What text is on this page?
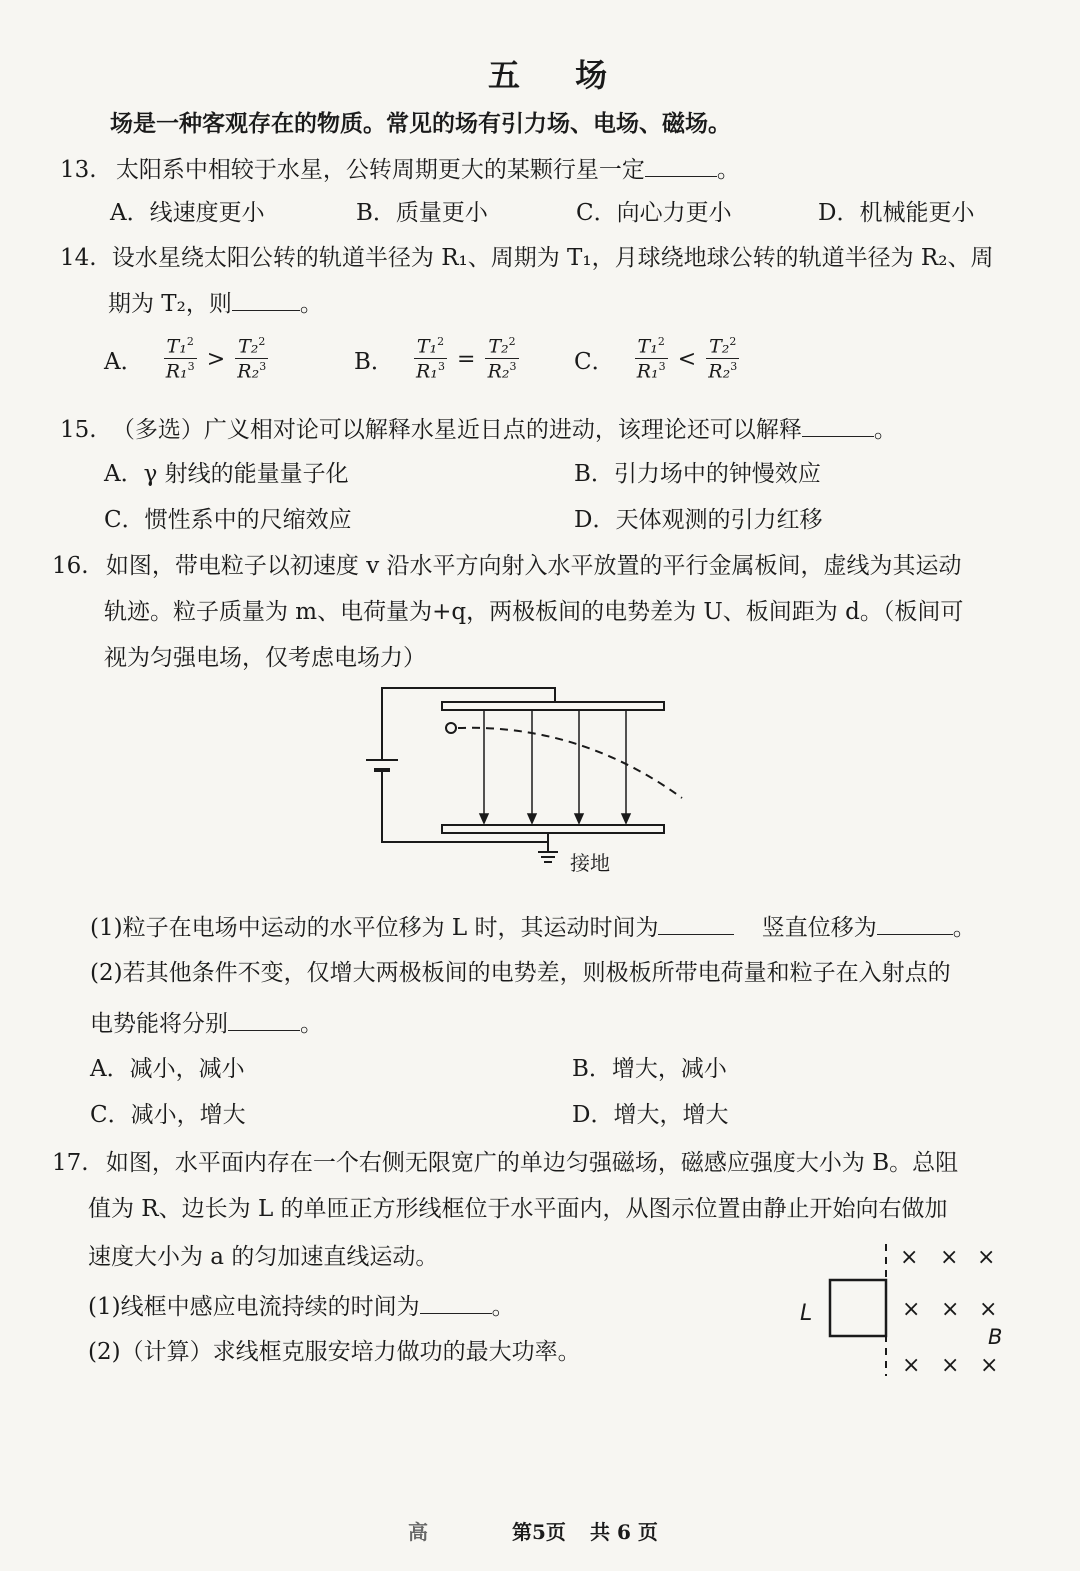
五 场
场是一种客观存在的物质。常见的场有引力场、电场、磁场。
13. 太阳系中相较于水星，公转周期更大的某颗行星一定	。
A．线速度更小	B．质量更小	C．向心力更小	D．机械能更小
14. 设水星绕太阳公转的轨道半径为 R₁、周期为 T₁，月球绕地球公转的轨道半径为 R₂、周
期为 T₂，则	。
A． $\frac{T_1^2}{R_1^3} > \frac{T_2^2}{R_2^3}$	B． $\frac{T_1^2}{R_1^3} = \frac{T_2^2}{R_2^3}$ C． $\frac{T_1^2}{R_1^3} < \frac{T_2^2}{R_2^3}$
15. （多选）广义相对论可以解释水星近日点的进动，该理论还可以解释	。
A．γ 射线的能量量子化	B．引力场中的钟慢效应
C．惯性系中的尺缩效应	D．天体观测的引力红移
16. 如图，带电粒子以初速度 v 沿水平方向射入水平放置的平行金属板间，虚线为其运动
轨迹。粒子质量为 m、电荷量为+q，两极板间的电势差为 U、板间距为 d。（板间可
视为匀强电场，仅考虑电场力）
接地
(1)粒子在电场中运动的水平位移为 L 时，其运动时间为	竖直位移为	。
(2)若其他条件不变，仅增大两极板间的电势差，则极板所带电荷量和粒子在入射点的
电势能将分别	。
A．减小，减小	B．增大，减小
C．减小，增大	D．增大，增大
17. 如图，水平面内存在一个右侧无限宽广的单边匀强磁场，磁感应强度大小为 B。总阻
值为 R、边长为 L 的单匝正方形线框位于水平面内，从图示位置由静止开始向右做加
速度大小为 a 的匀加速直线运动。
(1)线框中感应电流持续的时间为	。
(2)（计算）求线框克服安培力做功的最大功率。
L
× × ×
× × ×
× × ×
B
高	第5页 共 6 页
